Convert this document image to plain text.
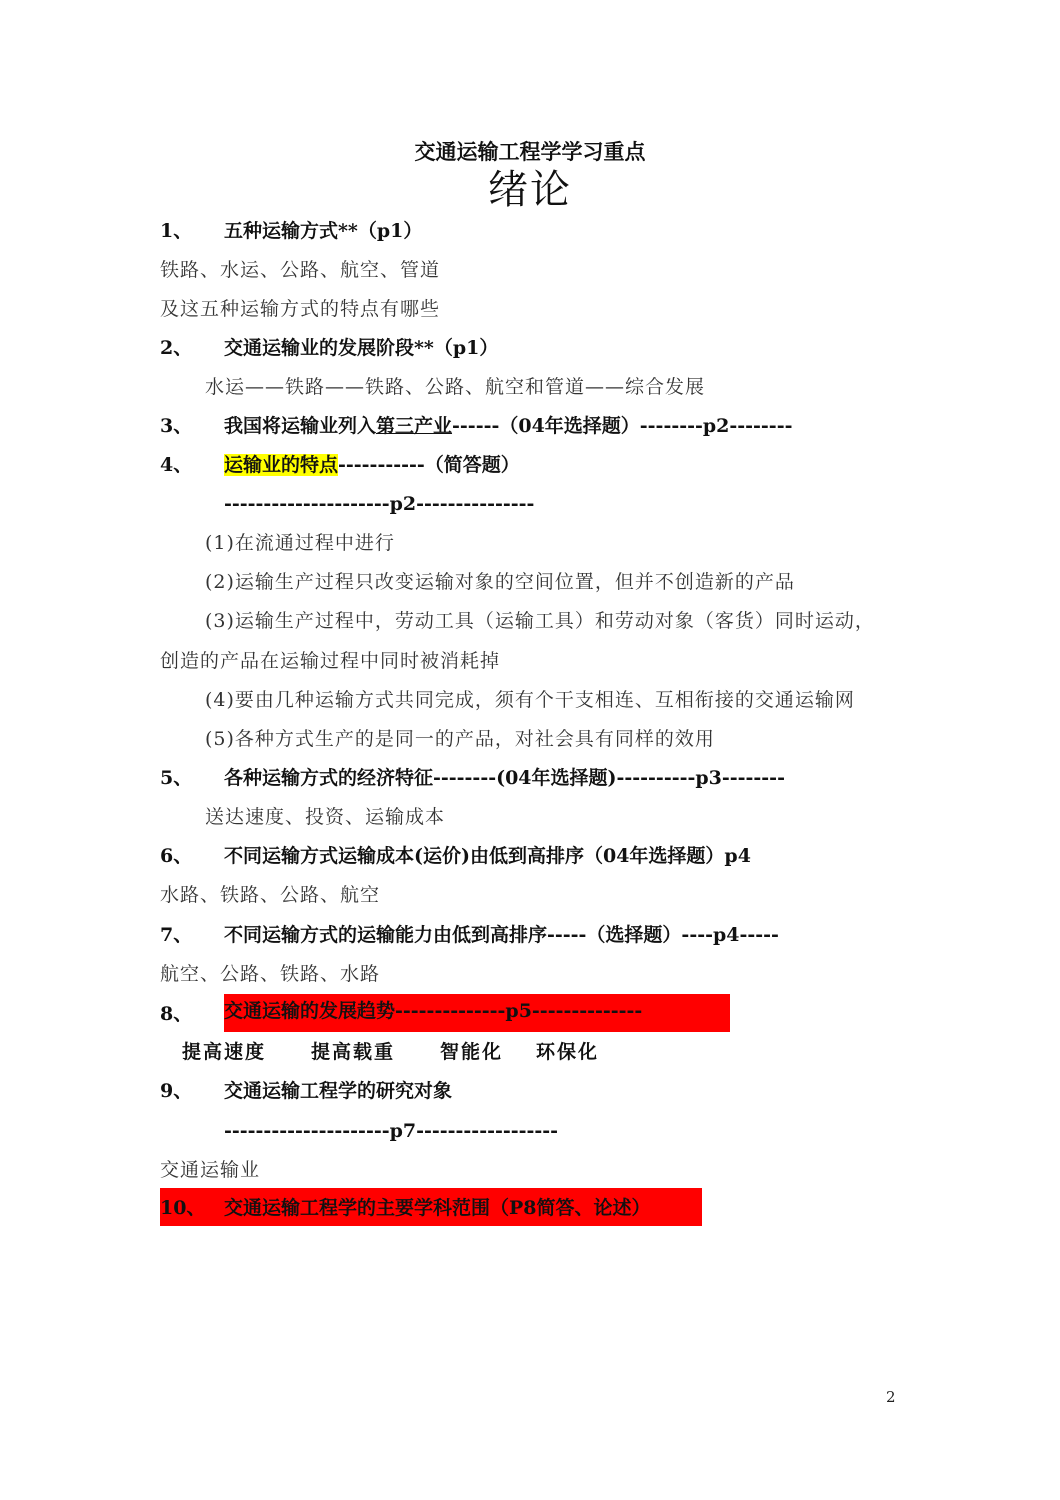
交通运输工程学学习重点
绪论
1、 五种运输方式**（p1）
铁路、水运、公路、航空、管道
及这五种运输方式的特点有哪些
2、 交通运输业的发展阶段**（p1）
水运——铁路——铁路、公路、航空和管道——综合发展
3、 我国将运输业列入第三产业------（04年选择题）--------p2--------
4、 运输业的特点-----------（简答题）
---------------------p2---------------
(1)在流通过程中进行
(2)运输生产过程只改变运输对象的空间位置，但并不创造新的产品
(3)运输生产过程中，劳动工具（运输工具）和劳动对象（客货）同时运动，
创造的产品在运输过程中同时被消耗掉
(4)要由几种运输方式共同完成，须有个干支相连、互相衔接的交通运输网
(5)各种方式生产的是同一的产品，对社会具有同样的效用
5、 各种运输方式的经济特征--------(04年选择题)----------p3--------
送达速度、投资、运输成本
6、 不同运输方式运输成本(运价)由低到高排序（04年选择题）p4
水路、铁路、公路、航空
7、 不同运输方式的运输能力由低到高排序-----（选择题）----p4-----
航空、公路、铁路、水路
8、 交通运输的发展趋势--------------p5--------------
提高速度 提高载重 智能化 环保化
9、 交通运输工程学的研究对象
---------------------p7------------------
交通运输业
10、 交通运输工程学的主要学科范围（P8简答、论述）
2
